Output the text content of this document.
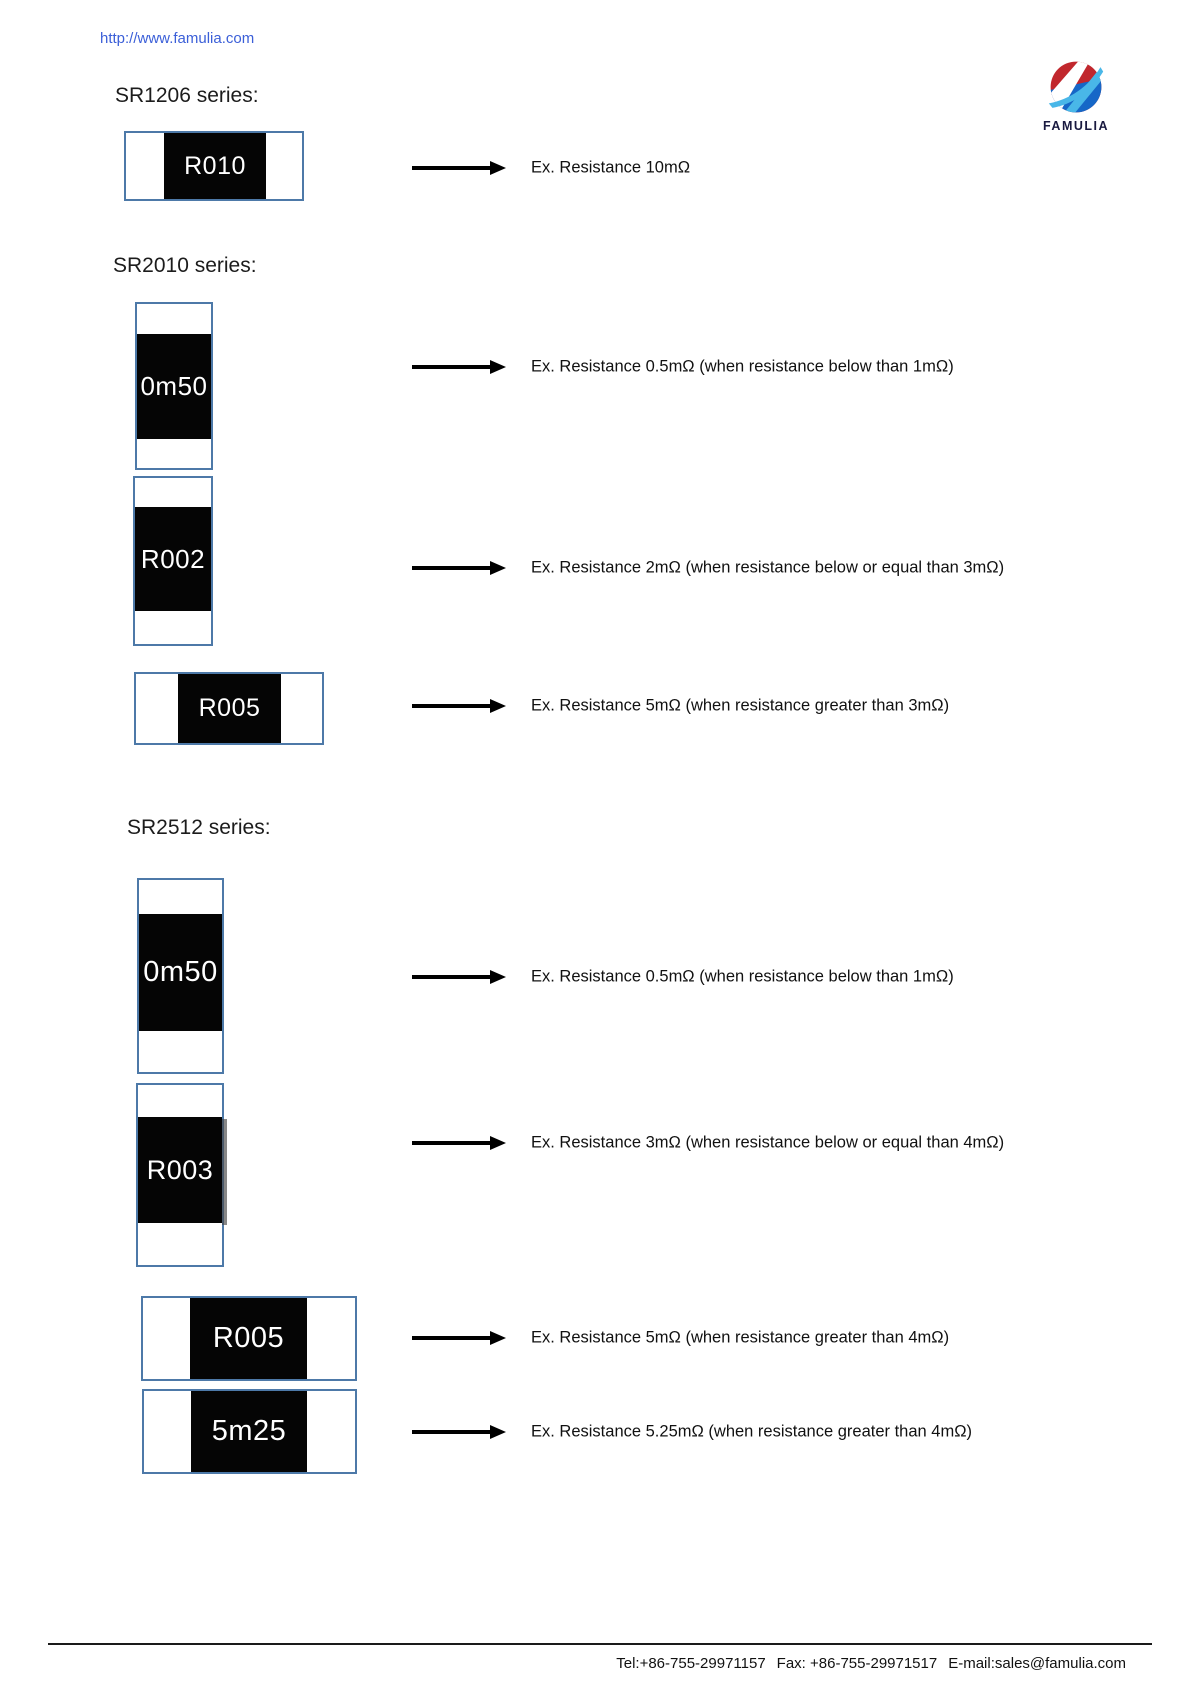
http://www.famulia.com
FAMULIA
SR1206 series:
R010	Ex. Resistance 10mΩ
SR2010 series:
0m50
Ex. Resistance 0.5mΩ (when resistance below than 1mΩ)
R002	Ex. Resistance 2mΩ (when resistance below or equal than 3mΩ)
R005	Ex. Resistance 5mΩ (when resistance greater than 3mΩ)
SR2512 series:
0m50	Ex. Resistance 0.5mΩ (when resistance below than 1mΩ)
R003
Ex. Resistance 3mΩ (when resistance below or equal than 4mΩ)
R005	Ex. Resistance 5mΩ (when resistance greater than 4mΩ)
5m25	Ex. Resistance 5.25mΩ (when resistance greater than 4mΩ)
Tel:+86-755-29971157 Fax: +86-755-29971517 E-mail:sales@famulia.com
